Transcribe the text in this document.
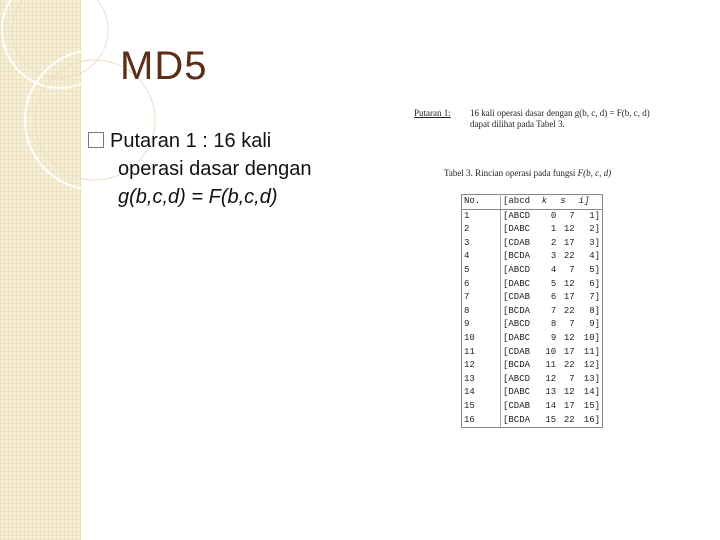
MD5
Putaran 1 : 16 kali
operasi dasar dengan
g(b,c,d) = F(b,c,d)
Putaran 1:	16 kali operasi dasar dengan g(b, c, d) = F(b, c, d) dapat dilihat pada Tabel 3.
Tabel 3. Rincian operasi pada fungsi F(b, c, d)
No.	[abcd	k	s	i]
1	[ABCD	0	7	1]
2	[DABC	1	12	2]
3	[CDAB	2	17	3]
4	[BCDA	3	22	4]
5	[ABCD	4	7	5]
6	[DABC	5	12	6]
7	[CDAB	6	17	7]
8	[BCDA	7	22	8]
9	[ABCD	8	7	9]
10	[DABC	9	12	10]
11	[CDAB	10	17	11]
12	[BCDA	11	22	12]
13	[ABCD	12	7	13]
14	[DABC	13	12	14]
15	[CDAB	14	17	15]
16	[BCDA	15	22	16]
